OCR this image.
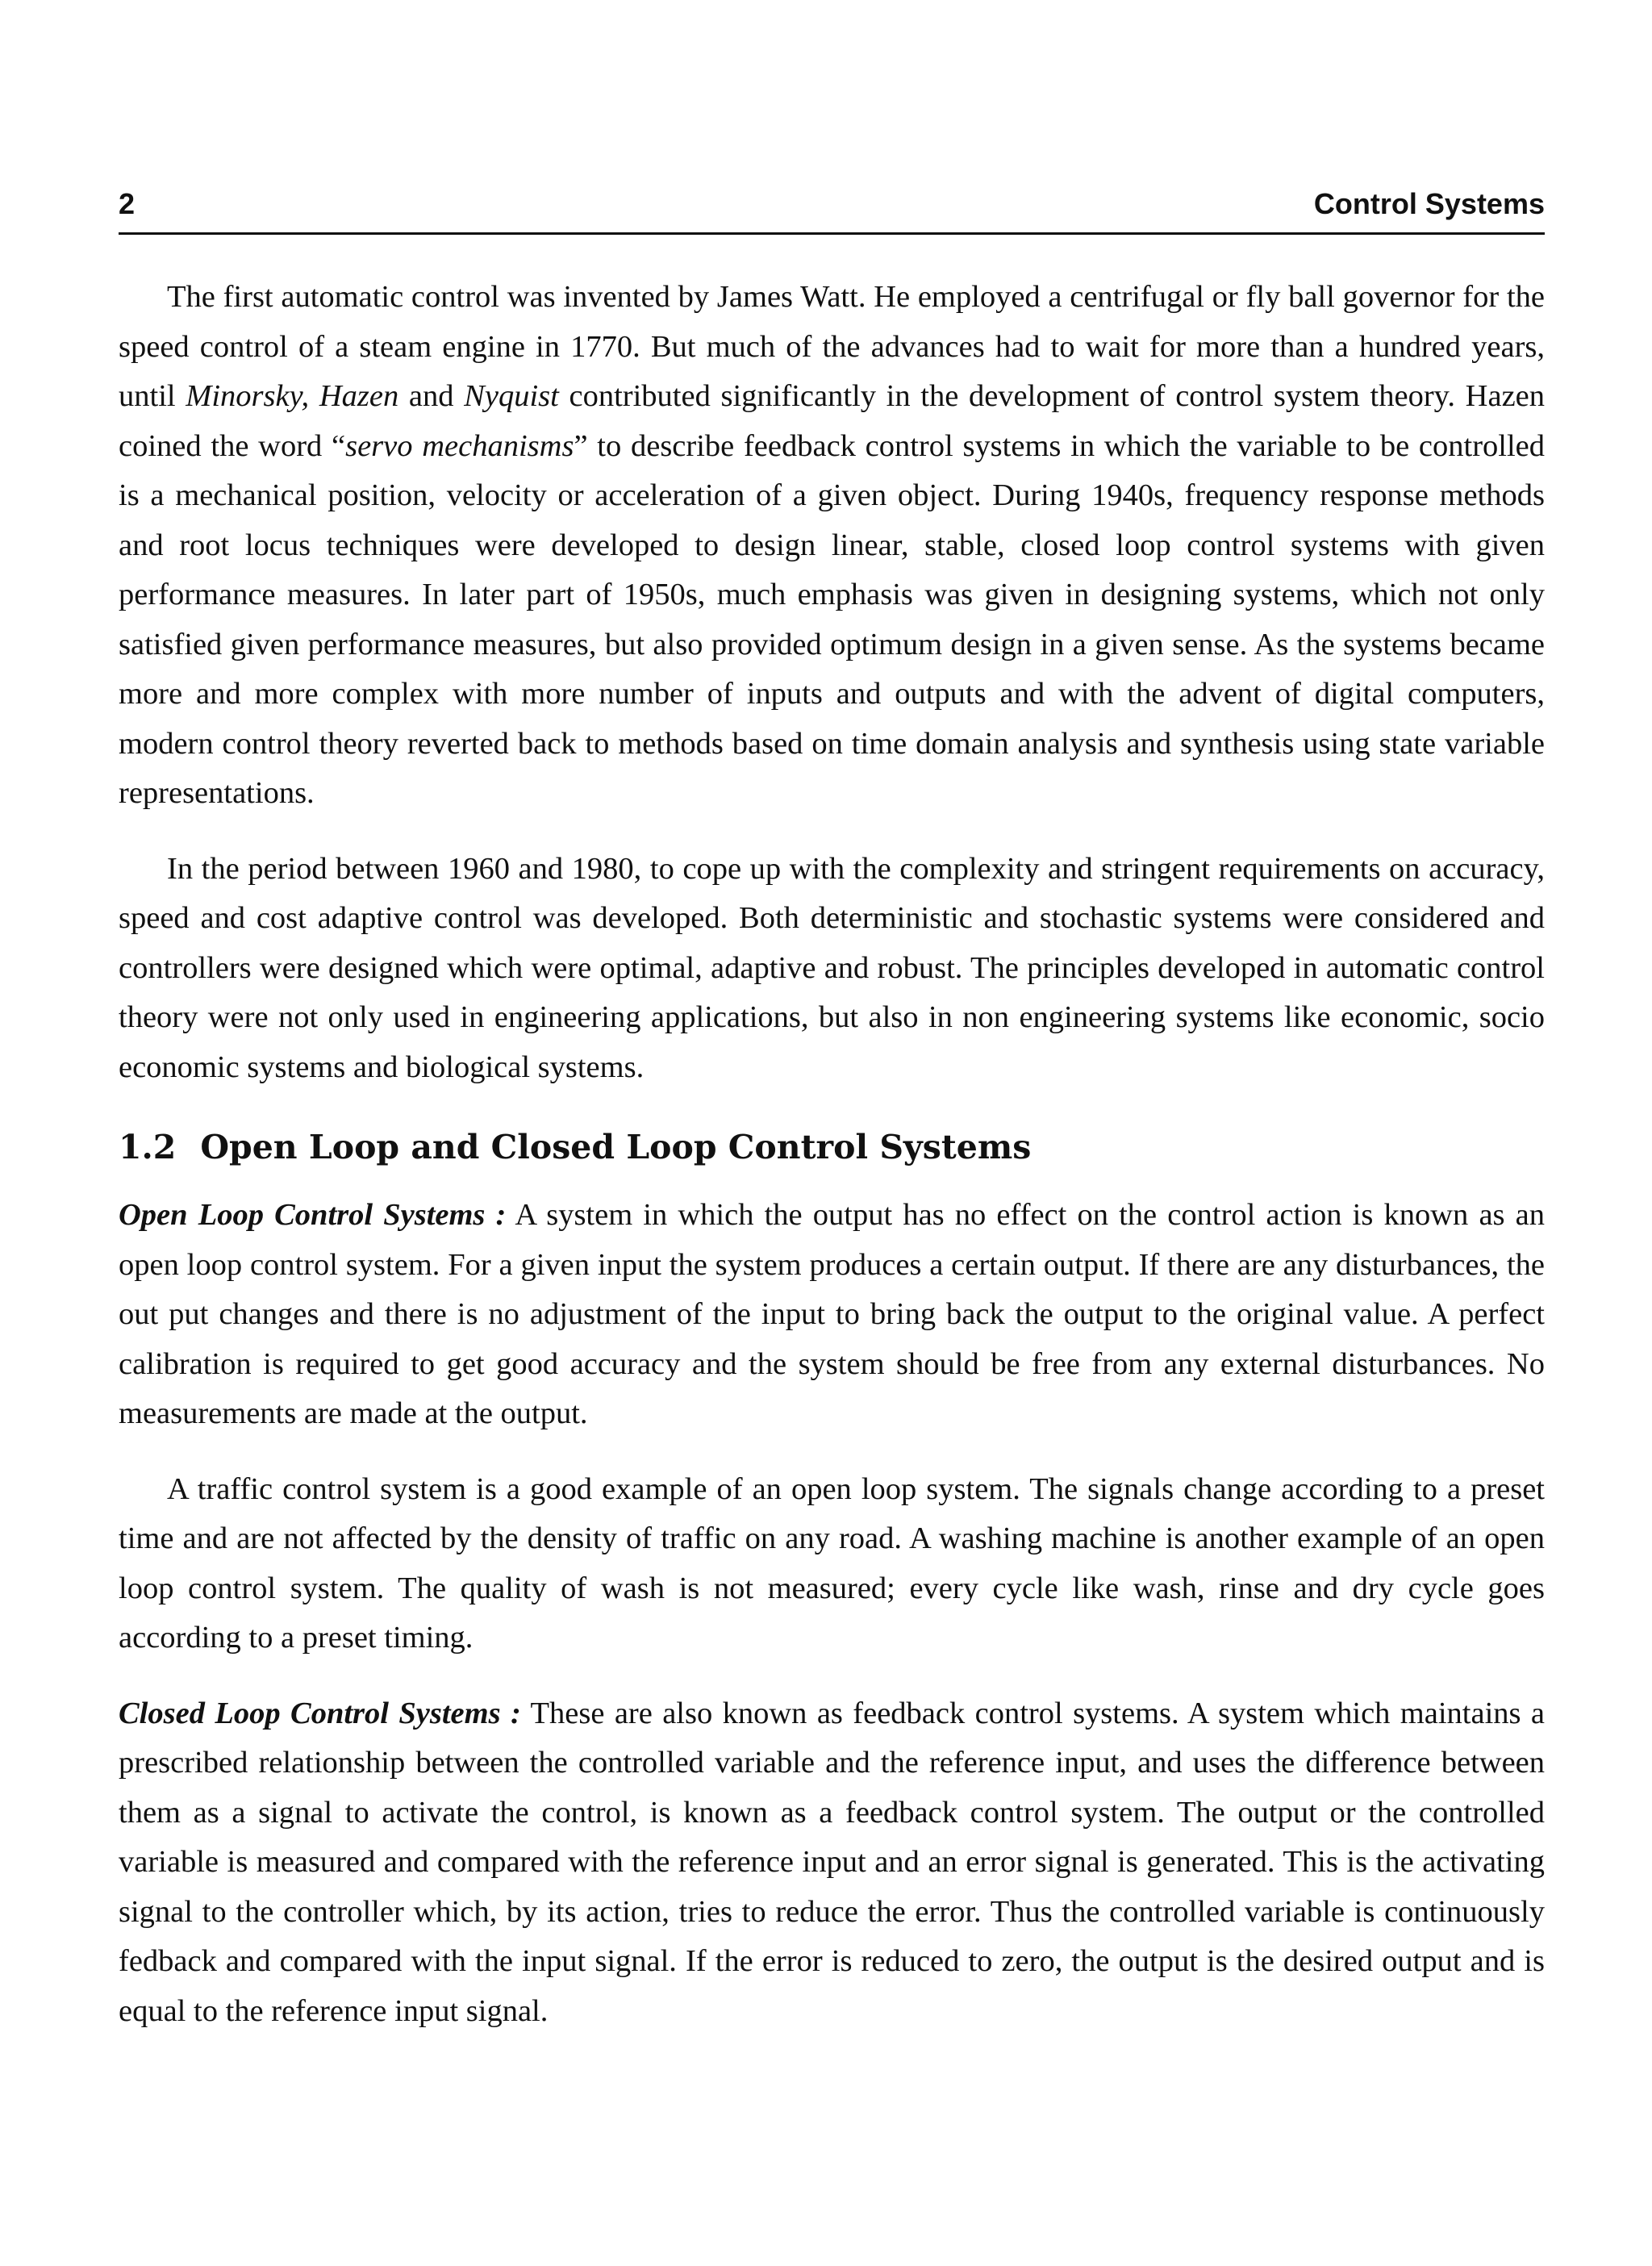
2	Control Systems

The first automatic control was invented by James Watt. He employed a centrifugal or fly ball governor for the speed control of a steam engine in 1770. But much of the advances had to wait for more than a hundred years, until Minorsky, Hazen and Nyquist contributed significantly in the development of control system theory. Hazen coined the word “servo mechanisms” to describe feedback control systems in which the variable to be controlled is a mechanical position, velocity or acceleration of a given object. During 1940s, frequency response methods and root locus techniques were developed to design linear, stable, closed loop control systems with given performance measures. In later part of 1950s, much emphasis was given in designing systems, which not only satisfied given performance measures, but also provided optimum design in a given sense. As the systems became more and more complex with more number of inputs and outputs and with the advent of digital computers, modern control theory reverted back to methods based on time domain analysis and synthesis using state variable representations.

In the period between 1960 and 1980, to cope up with the complexity and stringent requirements on accuracy, speed and cost adaptive control was developed. Both deterministic and stochastic systems were considered and controllers were designed which were optimal, adaptive and robust. The principles developed in automatic control theory were not only used in engineering applications, but also in non engineering systems like economic, socio economic systems and biological systems.

1.2 Open Loop and Closed Loop Control Systems

Open Loop Control Systems : A system in which the output has no effect on the control action is known as an open loop control system. For a given input the system produces a certain output. If there are any disturbances, the out put changes and there is no adjustment of the input to bring back the output to the original value. A perfect calibration is required to get good accuracy and the system should be free from any external disturbances. No measurements are made at the output.

A traffic control system is a good example of an open loop system. The signals change according to a preset time and are not affected by the density of traffic on any road. A washing machine is another example of an open loop control system. The quality of wash is not measured; every cycle like wash, rinse and dry cycle goes according to a preset timing.

Closed Loop Control Systems : These are also known as feedback control systems. A system which maintains a prescribed relationship between the controlled variable and the reference input, and uses the difference between them as a signal to activate the control, is known as a feedback control system. The output or the controlled variable is measured and compared with the reference input and an error signal is generated. This is the activating signal to the controller which, by its action, tries to reduce the error. Thus the controlled variable is continuously fedback and compared with the input signal. If the error is reduced to zero, the output is the desired output and is equal to the reference input signal.
